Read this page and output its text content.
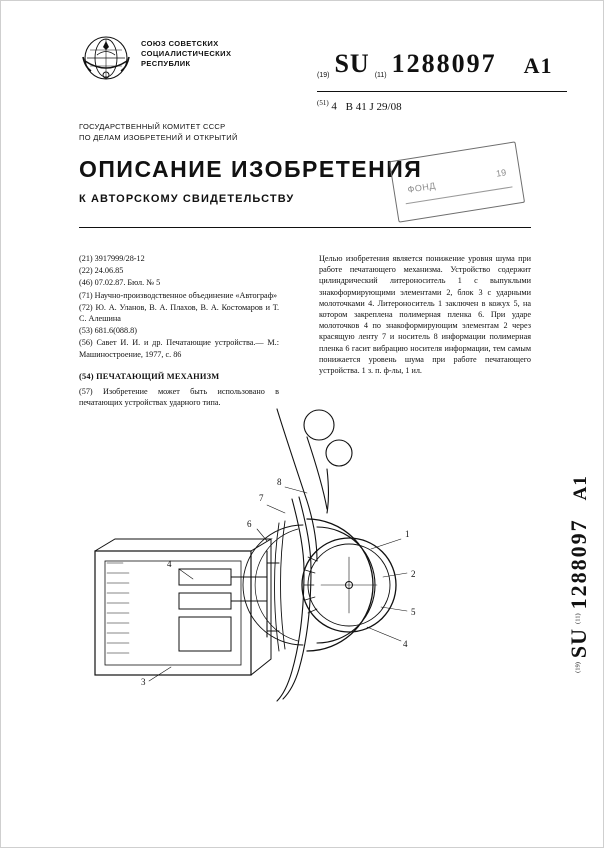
СОЮЗ СОВЕТСКИХ
СОЦИАЛИСТИЧЕСКИХ
РЕСПУБЛИК
(19) SU (11) 1288097 A1
$^{(51)}$ 4 B 41 J 29/08
ГОСУДАРСТВЕННЫЙ КОМИТЕТ СССР
ПО ДЕЛАМ ИЗОБРЕТЕНИЙ И ОТКРЫТИЙ
ОПИСАНИЕ ИЗОБРЕТЕНИЯ
К АВТОРСКОМУ СВИДЕТЕЛЬСТВУ
ФОНД
19
(21) 3917999/28-12
(22) 24.06.85
(46) 07.02.87. Бюл. № 5
(71) Научно-производственное объединение «Автограф»
(72) Ю. А. Уланов, В. А. Плахов, В. А. Костомаров и Т. С. Алешина
(53) 681.6(088.8)
(56) Савет И. И. и др. Печатающие устройства.— М.: Машиностроение, 1977, с. 86
(54) ПЕЧАТАЮЩИЙ МЕХАНИЗМ
(57) Изобретение может быть использовано в печатающих устройствах ударного типа.
Целью изобретения является понижение уровня шума при работе печатающего механизма. Устройство содержит цилиндрический литероноситель 1 с выпуклыми знакоформирующими элементами 2, блок 3 с ударными молоточками 4. Литероноситель 1 заключен в кожух 5, на котором закреплена полимерная пленка 6. При ударе молоточков 4 по знакоформирующим элементам 2 через красящую ленту 7 и носитель 8 информации полимерная пленка 6 гасит вибрацию носителя информации, тем самым понижается уровень шума при работе печатающего устройства. 1 з. п. ф-лы, 1 ил.
$^{(19)}$ SU $^{(11)}$ 1288097 A1
1
2
5
4
3
6
7
8
4
